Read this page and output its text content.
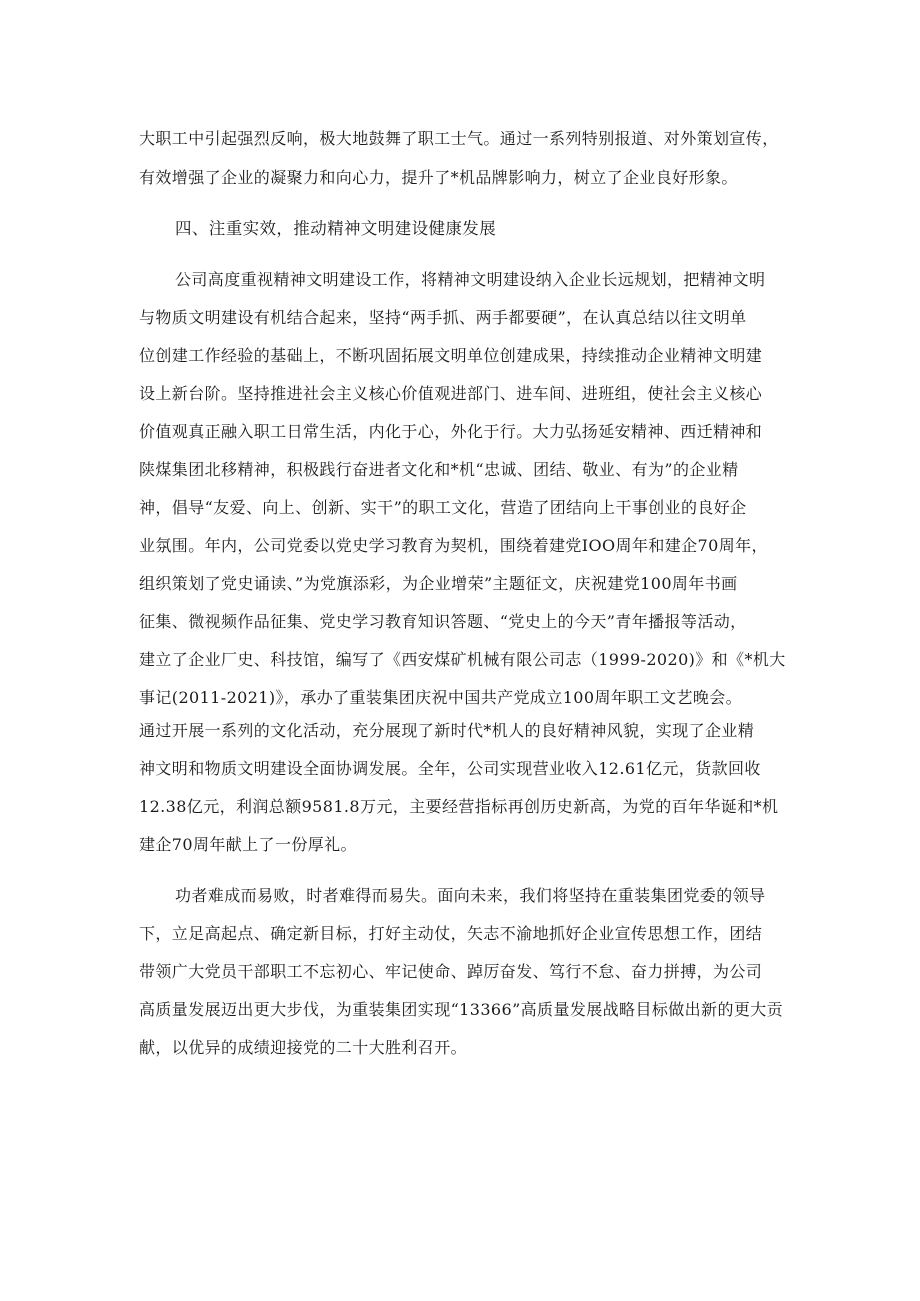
大职工中引起强烈反响，极大地鼓舞了职工士气。通过一系列特别报道、对外策划宣传，
有效增强了企业的凝聚力和向心力，提升了*机品牌影响力，树立了企业良好形象。
四、注重实效，推动精神文明建设健康发展
公司高度重视精神文明建设工作，将精神文明建设纳入企业长远规划，把精神文明
与物质文明建设有机结合起来，坚持“两手抓、两手都要硬”，在认真总结以往文明单
位创建工作经验的基础上，不断巩固拓展文明单位创建成果，持续推动企业精神文明建
设上新台阶。坚持推进社会主义核心价值观进部门、进车间、进班组，使社会主义核心
价值观真正融入职工日常生活，内化于心，外化于行。大力弘扬延安精神、西迁精神和
陕煤集团北移精神，积极践行奋进者文化和*机“忠诚、团结、敬业、有为”的企业精
神，倡导“友爱、向上、创新、实干”的职工文化，营造了团结向上干事创业的良好企
业氛围。年内，公司党委以党史学习教育为契机，围绕着建党IOO周年和建企70周年，
组织策划了党史诵读、”为党旗添彩，为企业增荣”主题征文，庆祝建党100周年书画
征集、微视频作品征集、党史学习教育知识答题、“党史上的今天”青年播报等活动，
建立了企业厂史、科技馆，编写了《西安煤矿机械有限公司志（1999-2020)》和《*机大
事记(2011-2021)》，承办了重装集团庆祝中国共产党成立100周年职工文艺晚会。
通过开展一系列的文化活动，充分展现了新时代*机人的良好精神风貌，实现了企业精
神文明和物质文明建设全面协调发展。全年，公司实现营业收入12.61亿元，货款回收
12.38亿元，利润总额9581.8万元，主要经营指标再创历史新高，为党的百年华诞和*机
建企70周年献上了一份厚礼。
功者难成而易败，时者难得而易失。面向未来，我们将坚持在重装集团党委的领导
下，立足高起点、确定新目标，打好主动仗，矢志不渝地抓好企业宣传思想工作，团结
带领广大党员干部职工不忘初心、牢记使命、踔厉奋发、笃行不怠、奋力拼搏，为公司
高质量发展迈出更大步伐，为重装集团实现“13366”高质量发展战略目标做出新的更大贡
献，以优异的成绩迎接党的二十大胜利召开。
